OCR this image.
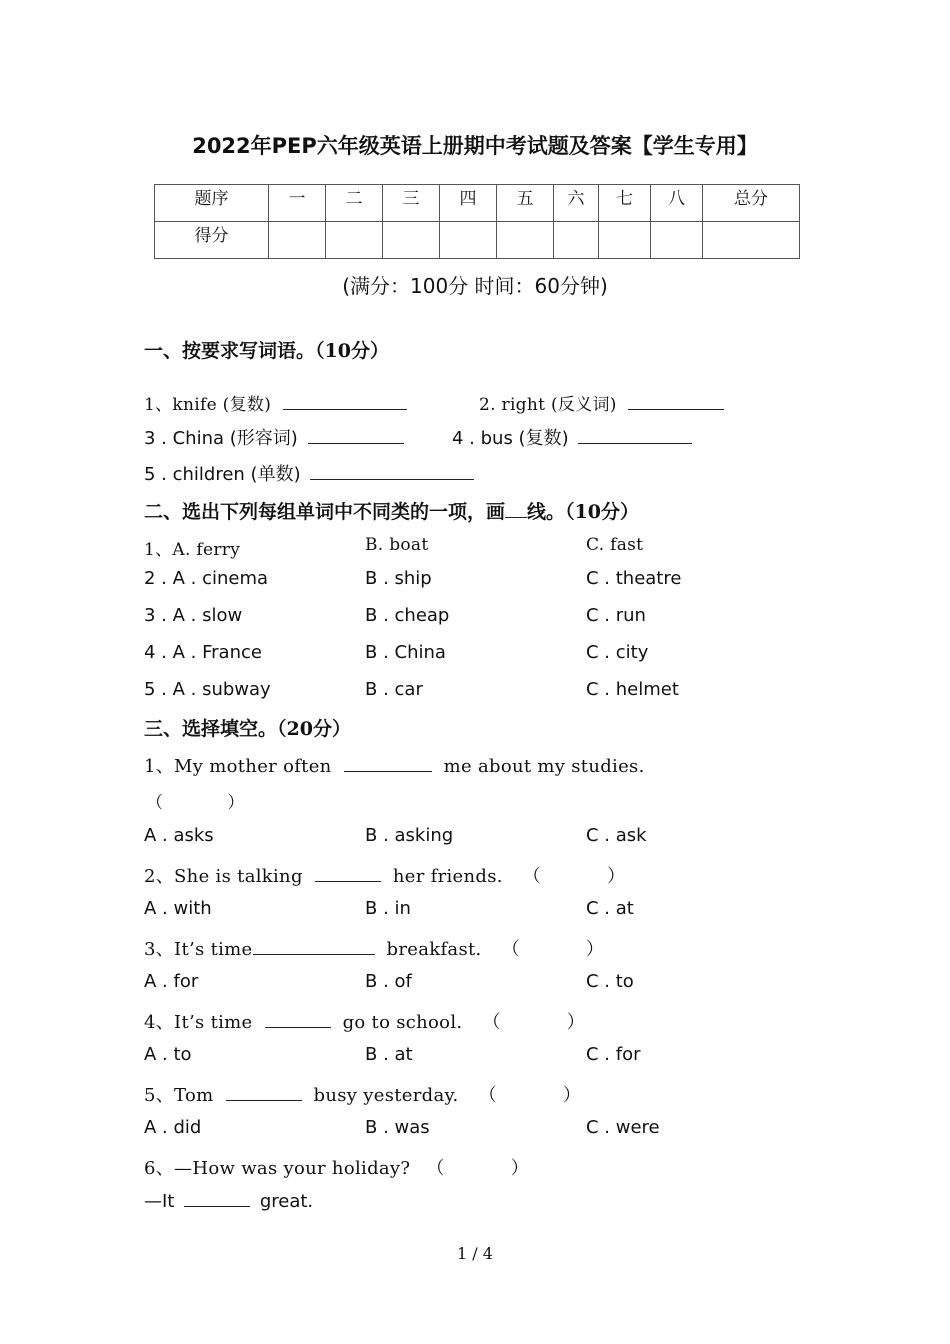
2022年PEP六年级英语上册期中考试题及答案【学生专用】
题序	一	二	三	四	五	六	七	八	总分
得分									
(满分：100分 时间：60分钟)
一、按要求写词语。（10分）
1、knife (复数)	2. right (反义词)
3 . China (形容词)	4 . bus (复数)
5 . children (单数)
二、选出下列每组单词中不同类的一项，画 线。（10分）
1、A. ferry	B. boat	C. fast
2 . A . cinema	B . ship	C . theatre
3 . A . slow	B . cheap	C . run
4 . A . France	B . China	C . city
5 . A . subway	B . car	C . helmet
三、选择填空。（20分）
1、My mother often	me about my studies.
（	）
A . asks	B . asking	C . ask
2、She is talking	her friends. （	）
A . with	B . in	C . at
3、It’s time	breakfast. （	）
A . for	B . of	C . to
4、It’s time	go to school. （	）
A . to	B . at	C . for
5、Tom	busy yesterday. （	）
A . did	B . was	C . were
6、—How was your holiday? （	）
—It	great.
1 / 4
